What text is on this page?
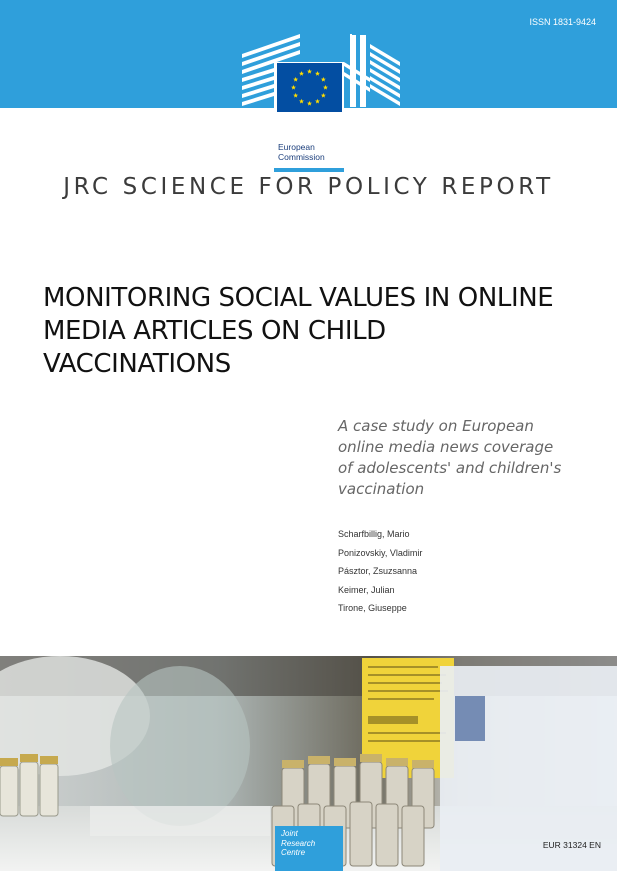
ISSN 1831-9424
European
Commission
JRC SCIENCE FOR POLICY REPORT
MONITORING SOCIAL VALUES IN ONLINE
MEDIA ARTICLES ON CHILD
VACCINATIONS
A case study on European
online media news coverage
of adolescents' and children's
vaccination
Scharfbillig, Mario
Ponizovskiy, Vladimir
Pásztor, Zsuzsanna
Keimer, Julian
Tirone, Giuseppe
Joint
Research
Centre
EUR 31324 EN
